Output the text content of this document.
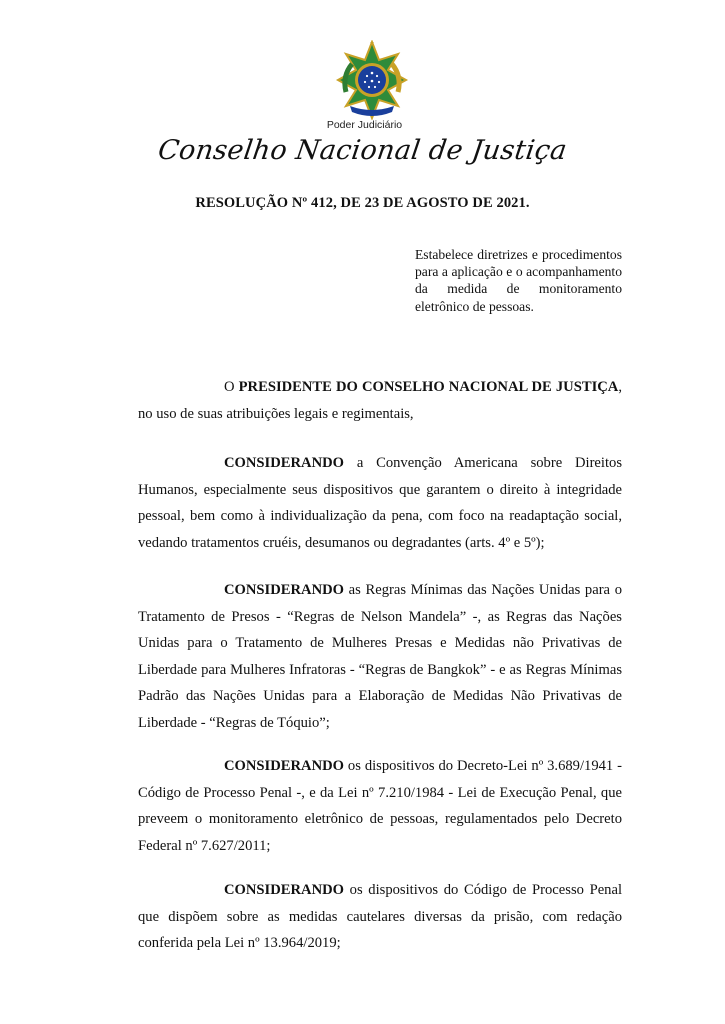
Poder Judiciário
Conselho Nacional de Justiça
RESOLUÇÃO Nº 412, DE 23 DE AGOSTO DE 2021.
Estabelece diretrizes e procedimentos para a aplicação e o acompanhamento da medida de monitoramento eletrônico de pessoas.
O PRESIDENTE DO CONSELHO NACIONAL DE JUSTIÇA, no uso de suas atribuições legais e regimentais,
CONSIDERANDO a Convenção Americana sobre Direitos Humanos, especialmente seus dispositivos que garantem o direito à integridade pessoal, bem como à individualização da pena, com foco na readaptação social, vedando tratamentos cruéis, desumanos ou degradantes (arts. 4º e 5º);
CONSIDERANDO as Regras Mínimas das Nações Unidas para o Tratamento de Presos - “Regras de Nelson Mandela” -, as Regras das Nações Unidas para o Tratamento de Mulheres Presas e Medidas não Privativas de Liberdade para Mulheres Infratoras - “Regras de Bangkok” - e as Regras Mínimas Padrão das Nações Unidas para a Elaboração de Medidas Não Privativas de Liberdade - “Regras de Tóquio”;
CONSIDERANDO os dispositivos do Decreto-Lei nº 3.689/1941 - Código de Processo Penal -, e da Lei nº 7.210/1984 - Lei de Execução Penal, que preveem o monitoramento eletrônico de pessoas, regulamentados pelo Decreto Federal nº 7.627/2011;
CONSIDERANDO os dispositivos do Código de Processo Penal que dispõem sobre as medidas cautelares diversas da prisão, com redação conferida pela Lei nº 13.964/2019;
